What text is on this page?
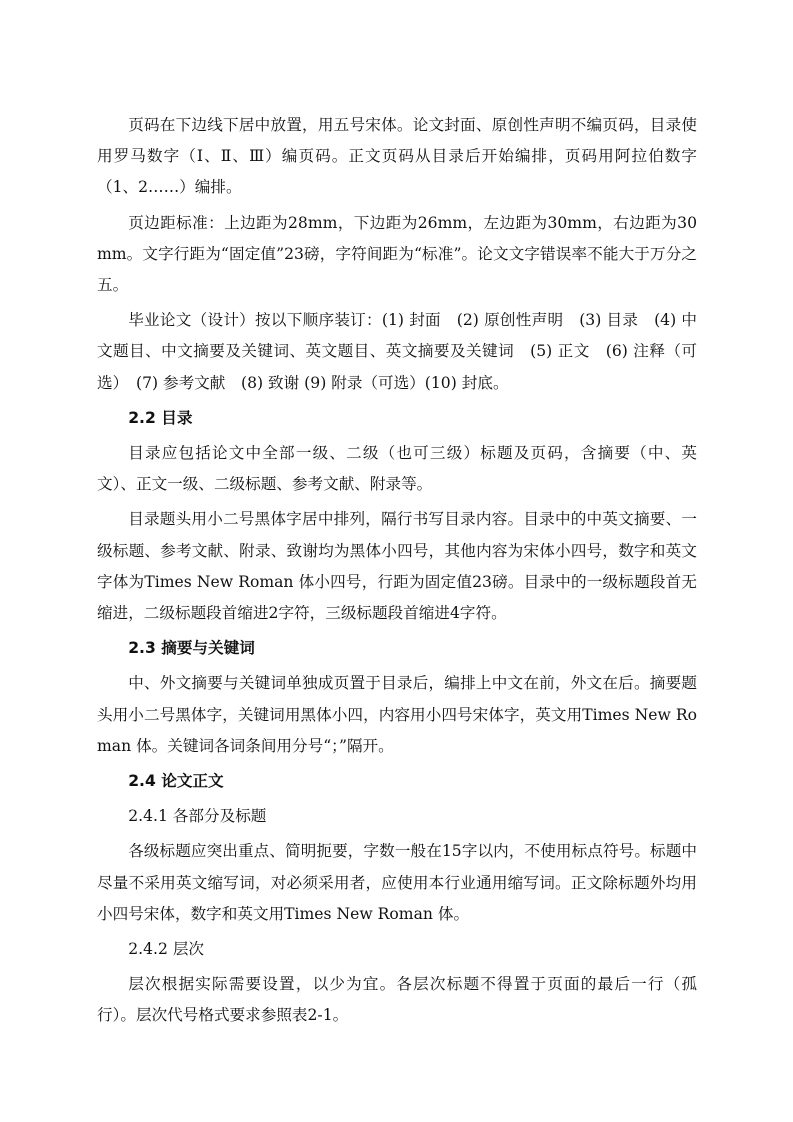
页码在下边线下居中放置，用五号宋体。论文封面、原创性声明不编页码，目录使用罗马数字（Ⅰ、Ⅱ、Ⅲ）编页码。正文页码从目录后开始编排，页码用阿拉伯数字（1、2……）编排。

页边距标准：上边距为28mm，下边距为26mm，左边距为30mm，右边距为30mm。文字行距为“固定值”23磅，字符间距为“标准”。论文文字错误率不能大于万分之五。

毕业论文（设计）按以下顺序装订：(1) 封面　(2) 原创性声明　(3) 目录　(4) 中文题目、中文摘要及关键词、英文题目、英文摘要及关键词　(5) 正文　(6) 注释（可选）　(7) 参考文献　(8) 致谢 (9) 附录（可选）(10) 封底。

2.2 目录

目录应包括论文中全部一级、二级（也可三级）标题及页码，含摘要（中、英文）、正文一级、二级标题、参考文献、附录等。

目录题头用小二号黑体字居中排列，隔行书写目录内容。目录中的中英文摘要、一级标题、参考文献、附录、致谢均为黑体小四号，其他内容为宋体小四号，数字和英文字体为Times New Roman 体小四号，行距为固定值23磅。目录中的一级标题段首无缩进，二级标题段首缩进2字符，三级标题段首缩进4字符。

2.3 摘要与关键词

中、外文摘要与关键词单独成页置于目录后，编排上中文在前，外文在后。摘要题头用小二号黑体字，关键词用黑体小四，内容用小四号宋体字，英文用Times New Roman 体。关键词各词条间用分号“；”隔开。

2.4 论文正文
2.4.1 各部分及标题

各级标题应突出重点、简明扼要，字数一般在15字以内，不使用标点符号。标题中尽量不采用英文缩写词，对必须采用者，应使用本行业通用缩写词。正文除标题外均用小四号宋体，数字和英文用Times New Roman 体。

2.4.2 层次

层次根据实际需要设置，以少为宜。各层次标题不得置于页面的最后一行（孤行）。层次代号格式要求参照表2-1。
